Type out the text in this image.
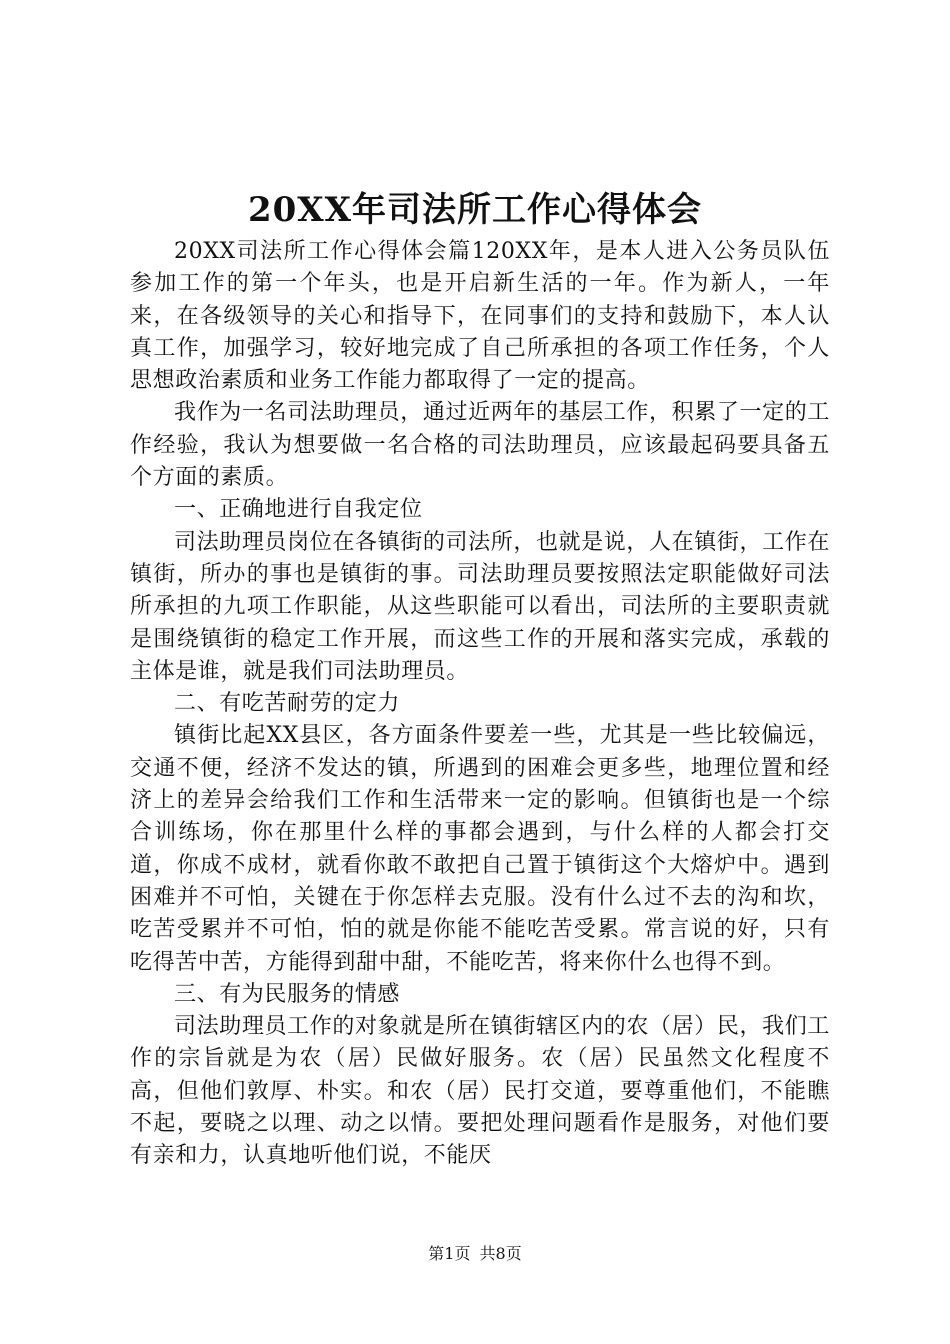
20XX年司法所工作心得体会

20XX司法所工作心得体会篇120XX年，是本人进入公务员队伍参加工作的第一个年头，也是开启新生活的一年。作为新人，一年来，在各级领导的关心和指导下，在同事们的支持和鼓励下，本人认真工作，加强学习，较好地完成了自己所承担的各项工作任务，个人思想政治素质和业务工作能力都取得了一定的提高。

我作为一名司法助理员，通过近两年的基层工作，积累了一定的工作经验，我认为想要做一名合格的司法助理员，应该最起码要具备五个方面的素质。

一、正确地进行自我定位

司法助理员岗位在各镇街的司法所，也就是说，人在镇街，工作在镇街，所办的事也是镇街的事。司法助理员要按照法定职能做好司法所承担的九项工作职能，从这些职能可以看出，司法所的主要职责就是围绕镇街的稳定工作开展，而这些工作的开展和落实完成，承载的主体是谁，就是我们司法助理员。

二、有吃苦耐劳的定力

镇街比起XX县区，各方面条件要差一些，尤其是一些比较偏远，交通不便，经济不发达的镇，所遇到的困难会更多些，地理位置和经济上的差异会给我们工作和生活带来一定的影响。但镇街也是一个综合训练场，你在那里什么样的事都会遇到，与什么样的人都会打交道，你成不成材，就看你敢不敢把自己置于镇街这个大熔炉中。遇到困难并不可怕，关键在于你怎样去克服。没有什么过不去的沟和坎，吃苦受累并不可怕，怕的就是你能不能吃苦受累。常言说的好，只有吃得苦中苦，方能得到甜中甜，不能吃苦，将来你什么也得不到。

三、有为民服务的情感

司法助理员工作的对象就是所在镇街辖区内的农（居）民，我们工作的宗旨就是为农（居）民做好服务。农（居）民虽然文化程度不高，但他们敦厚、朴实。和农（居）民打交道，要尊重他们，不能瞧不起，要晓之以理、动之以情。要把处理问题看作是服务，对他们要有亲和力，认真地听他们说，不能厌

第1页 共8页
